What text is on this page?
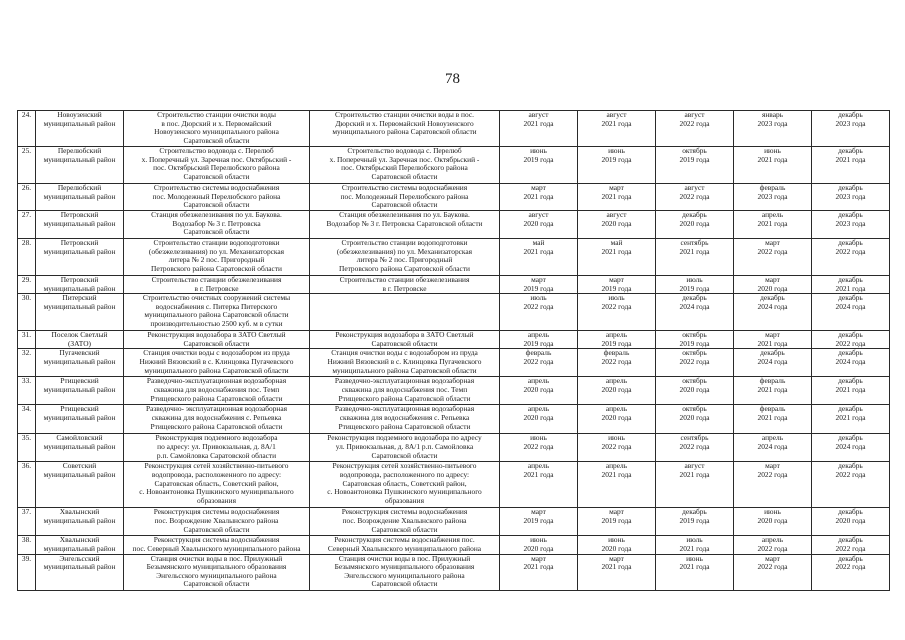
78
24.	Новоузенский
муниципальный район	Строительство станции очистки воды
в пос. Дюрский и х. Первомайский
Новоузенского муниципального района
Саратовской области	Строительство станции очистки воды в пос.
Дюрский и х. Первомайский Новоузенского
муниципального района Саратовской области	август
2021 года	август
2021 года	август
2022 года	январь
2023 года	декабрь
2023 года

25.	Перелюбский
муниципальный район	Строительство водовода с. Перелюб
х. Поперечный ул. Заречная пос. Октябрьский -
пос. Октябрьский Перелюбского района
Саратовской области	Строительство водовода с. Перелюб
х. Поперечный ул. Заречная пос. Октябрьский -
пос. Октябрьский Перелюбского района
Саратовской области	июнь
2019 года	июнь
2019 года	октябрь
2019 года	июнь
2021 года	декабрь
2021 года

26.	Перелюбский
муниципальный район	Строительство системы водоснабжения
пос. Молодежный Перелюбского района
Саратовской области	Строительство системы водоснабжения
пос. Молодежный Перелюбского района
Саратовской области	март
2021 года	март
2021 года	август
2022 года	февраль
2023 года	декабрь
2023 года

27.	Петровский
муниципальный район	Станция обезжелезивания по ул. Баукова.
Водозабор № 3 г. Петровска
Саратовской области	Станция обезжелезивания по ул. Баукова.
Водозабор № 3 г. Петровска Саратовской области	август
2020 года	август
2020 года	декабрь
2020 года	апрель
2021 года	декабрь
2023 года

28.	Петровский
муниципальный район	Строительство станции водоподготовки
(обезжелезивания) по ул. Механизаторская
литера № 2 пос. Пригородный
Петровского района Саратовской области	Строительство станции водоподготовки
(обезжелезивания) по ул. Механизаторская
литера № 2 пос. Пригородный
Петровского района Саратовской области	май
2021 года	май
2021 года	сентябрь
2021 года	март
2022 года	декабрь
2022 года

29.	Петровский
муниципальный район	Строительство станции обезжелезивания
в г. Петровске	Строительство станции обезжелезивания
в г. Петровске	март
2019 года	март
2019 года	июль
2019 года	март
2020 года	декабрь
2021 года

30.	Питерский
муниципальный район	Строительство очистных сооружений системы
водоснабжения с. Питерка Питерского
муниципального района Саратовской области
производительностью 2500 куб. м в сутки		июль
2022 года	июль
2022 года	декабрь
2024 года	декабрь
2024 года	декабрь
2024 года

31.	Поселок Светлый
(ЗАТО)	Реконструкция водозабора в ЗАТО Светлый
Саратовской области	Реконструкция водозабора в ЗАТО Светлый
Саратовской области	апрель
2019 года	апрель
2019 года	октябрь
2019 года	март
2021 года	декабрь
2022 года

32.	Пугачевский
муниципальный район	Станция очистки воды с водозабором из пруда
Нижний Вязовский в с. Клинцовка Пугачевского
муниципального района Саратовской области	Станция очистки воды с водозабором из пруда
Нижний Вязовский в с. Клинцовка Пугачевского
муниципального района Саратовской области	февраль
2022 года	февраль
2022 года	октябрь
2022 года	декабрь
2024 года	декабрь
2024 года

33.	Ртищевский
муниципальный район	Разведочно-эксплуатационная водозаборная
скважина для водоснабжения пос. Темп
Ртищевского района Саратовской области	Разведочно-эксплуатационная водозаборная
скважина для водоснабжения пос. Темп
Ртищевского района Саратовской области	апрель
2020 года	апрель
2020 года	октябрь
2020 года	февраль
2021 года	декабрь
2021 года

34.	Ртищевский
муниципальный район	Разведочно- эксплуатационная водозаборная
скважина для водоснабжения с. Репьевка
Ртищевского района Саратовской области	Разведочно-эксплуатационная водозаборная
скважина для водоснабжения с. Репьевка
Ртищевского района Саратовской области	апрель
2020 года	апрель
2020 года	октябрь
2020 года	февраль
2021 года	декабрь
2021 года

35.	Самойловский
муниципальный район	Реконструкция подземного водозабора
по адресу: ул. Привокзальная, д. 8А/1
р.п. Самойловка Саратовской области	Реконструкция подземного водозабора по адресу
ул. Привокзальная, д. 8А/1 р.п. Самойловка
Саратовской области	июнь
2022 года	июнь
2022 года	сентябрь
2022 года	апрель
2024 года	декабрь
2024 года

36.	Советский
муниципальный район	Реконструкция сетей хозяйственно-питьевого
водопровода, расположенного по адресу:
Саратовская область, Советский район,
с. Новоантоновка Пушкинского муниципального
образования	Реконструкция сетей хозяйственно-питьевого
водопровода, расположенного по адресу:
Саратовская область, Советский район,
с. Новоантоновка Пушкинского муниципального
образования	апрель
2021 года	апрель
2021 года	август
2021 года	март
2022 года	декабрь
2022 года

37.	Хвалынский
муниципальный район	Реконструкция системы водоснабжения
пос. Возрождение Хвалынского района
Саратовской области	Реконструкция системы водоснабжения
пос. Возрождение Хвалынского района
Саратовской области	март
2019 года	март
2019 года	декабрь
2019 года	июнь
2020 года	декабрь
2020 года

38.	Хвалынский
муниципальный район	Реконструкция системы водоснабжения
пос. Северный Хвалынского муниципального района	Реконструкция системы водоснабжения пос.
Северный Хвалынского муниципального района	июнь
2020 года	июнь
2020 года	июль
2021 года	апрель
2022 года	декабрь
2022 года

39.	Энгельсский
муниципальный район	Станция очистки воды в пос. Прилужный
Безымянского муниципального образования
Энгельсского муниципального района
Саратовской области	Станция очистки воды в пос. Прилужный
Безымянского муниципального образования
Энгельсского муниципального района
Саратовской области	март
2021 года	март
2021 года	июнь
2021 года	март
2022 года	декабрь
2022 года
